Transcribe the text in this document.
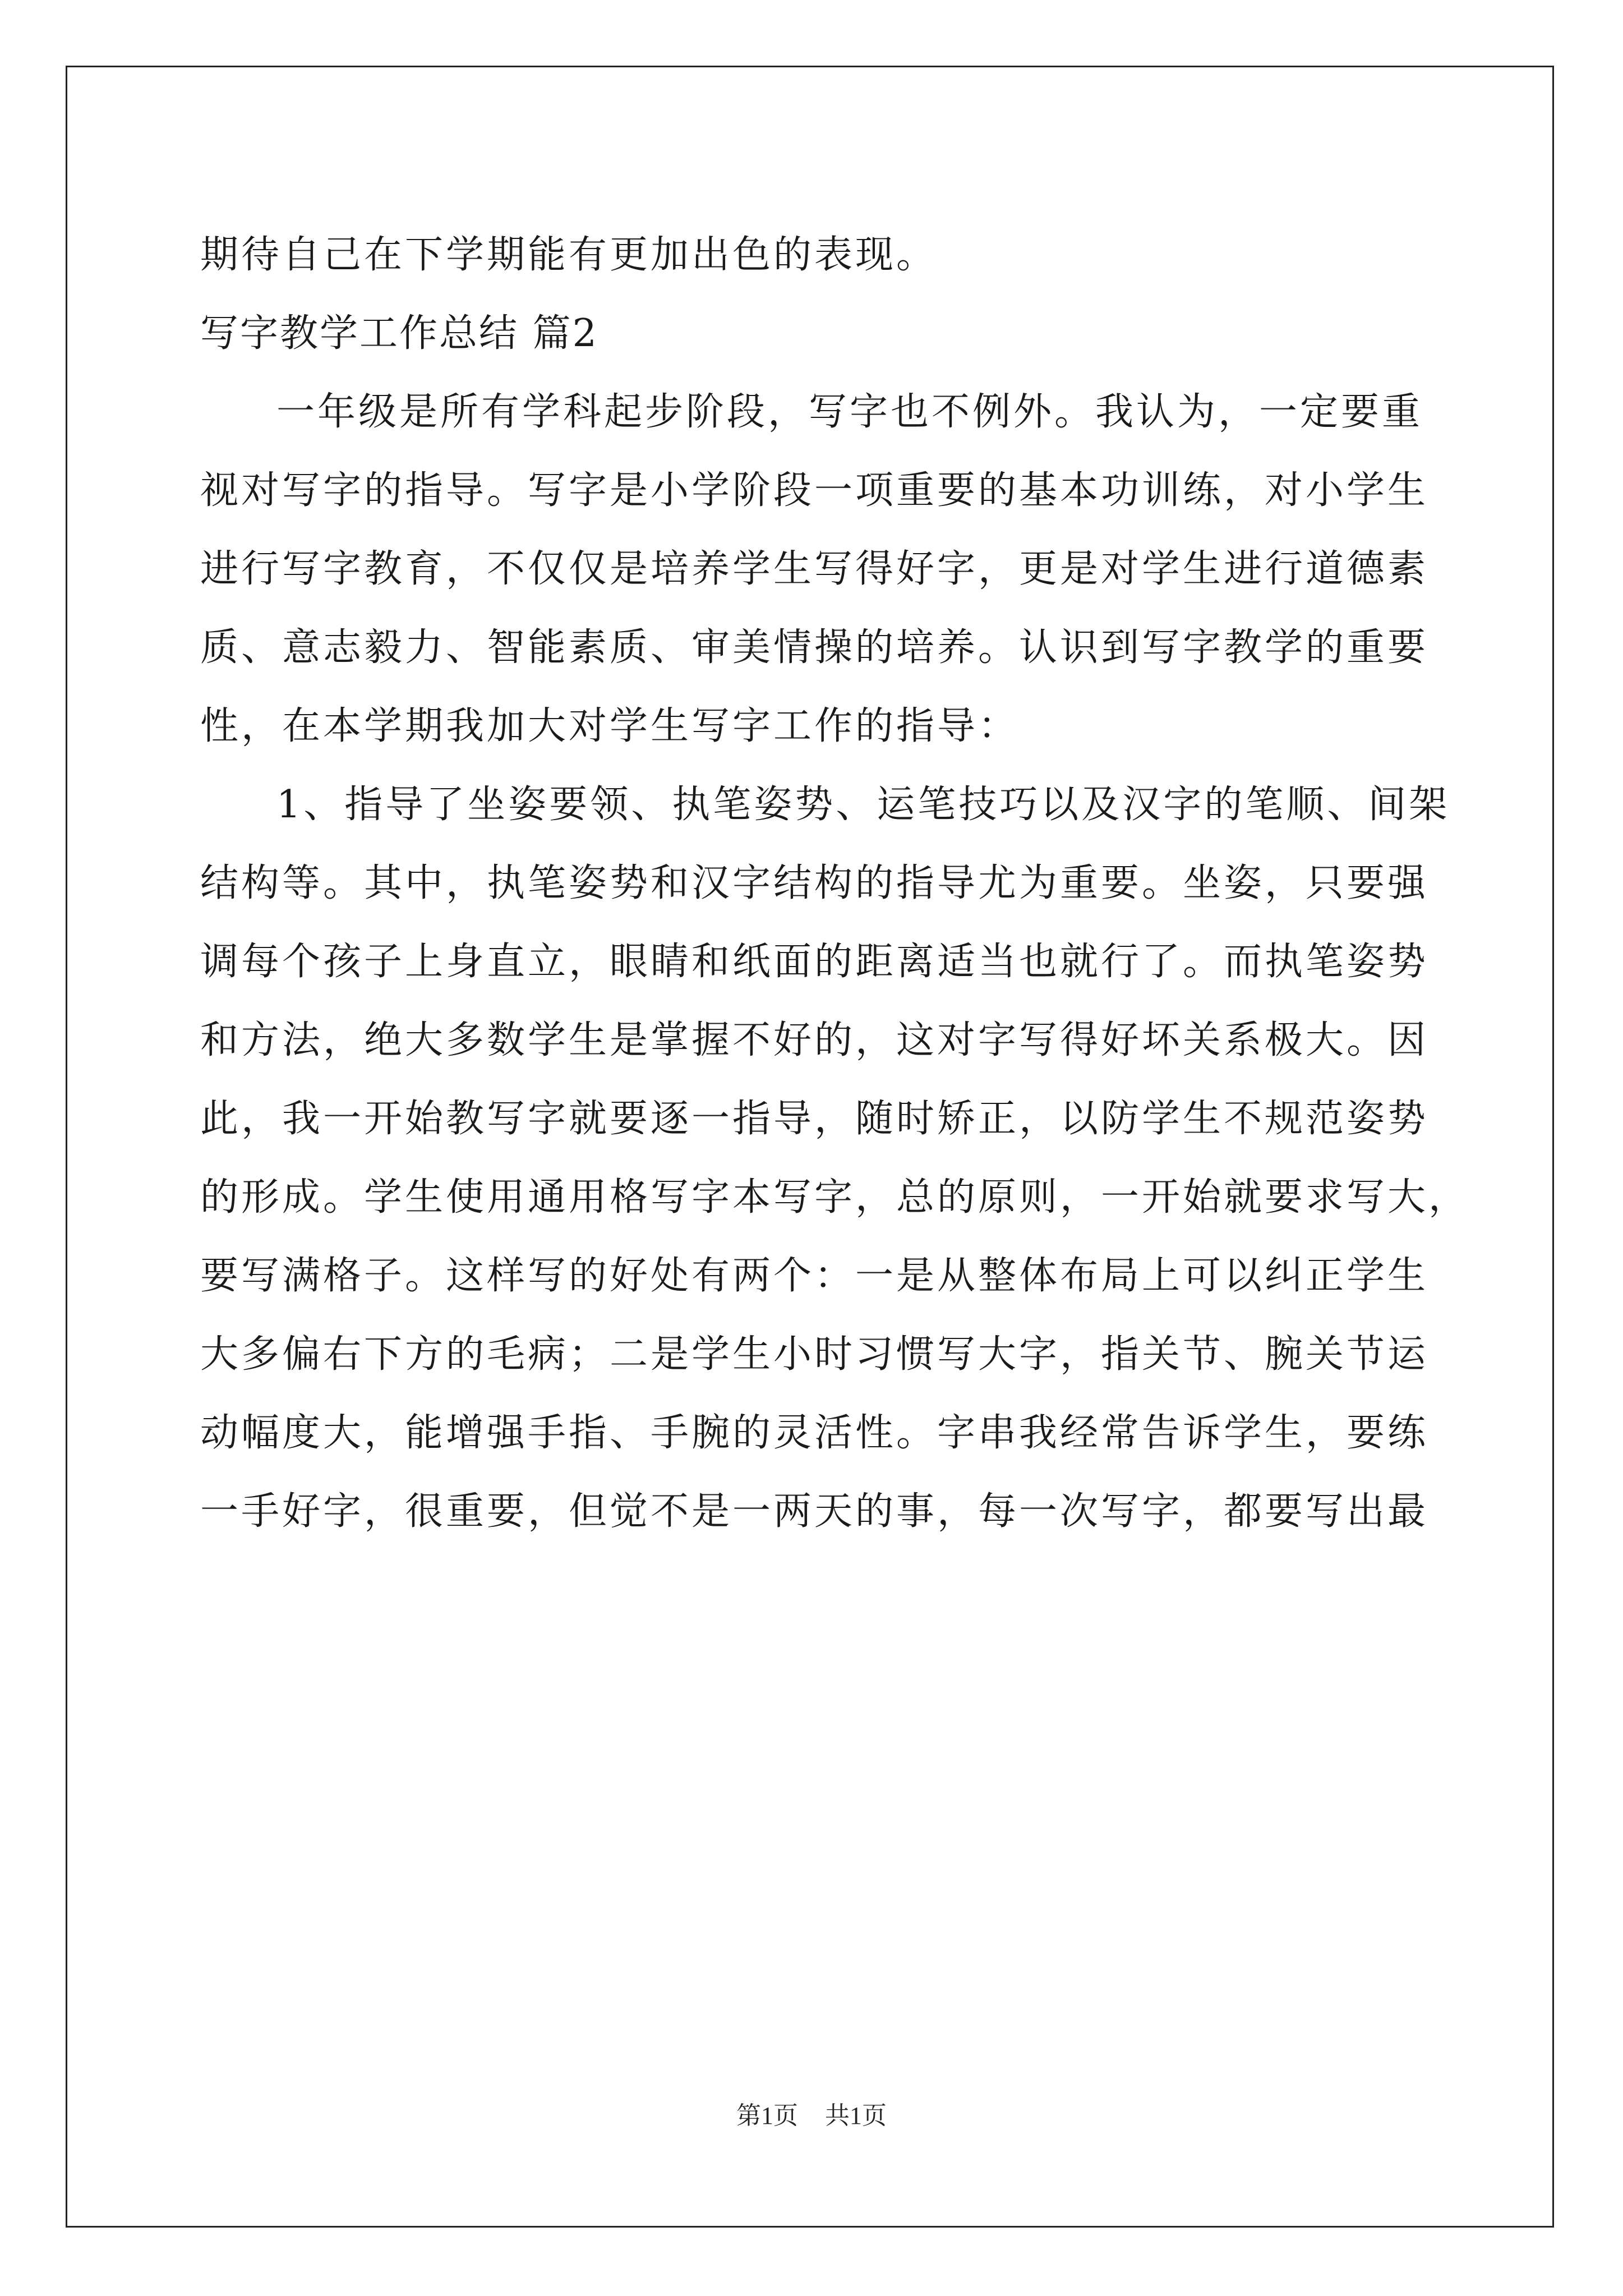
期待自己在下学期能有更加出色的表现。
写字教学工作总结 篇2
一年级是所有学科起步阶段，写字也不例外。我认为，一定要重
视对写字的指导。写字是小学阶段一项重要的基本功训练，对小学生
进行写字教育，不仅仅是培养学生写得好字，更是对学生进行道德素
质、意志毅力、智能素质、审美情操的培养。认识到写字教学的重要
性，在本学期我加大对学生写字工作的指导：
1、指导了坐姿要领、执笔姿势、运笔技巧以及汉字的笔顺、间架
结构等。其中，执笔姿势和汉字结构的指导尤为重要。坐姿，只要强
调每个孩子上身直立，眼睛和纸面的距离适当也就行了。而执笔姿势
和方法，绝大多数学生是掌握不好的，这对字写得好坏关系极大。因
此，我一开始教写字就要逐一指导，随时矫正，以防学生不规范姿势
的形成。学生使用通用格写字本写字，总的原则，一开始就要求写大，
要写满格子。这样写的好处有两个：一是从整体布局上可以纠正学生
大多偏右下方的毛病；二是学生小时习惯写大字，指关节、腕关节运
动幅度大，能增强手指、手腕的灵活性。字串我经常告诉学生，要练
一手好字，很重要，但觉不是一两天的事，每一次写字，都要写出最
第1页 共1页
